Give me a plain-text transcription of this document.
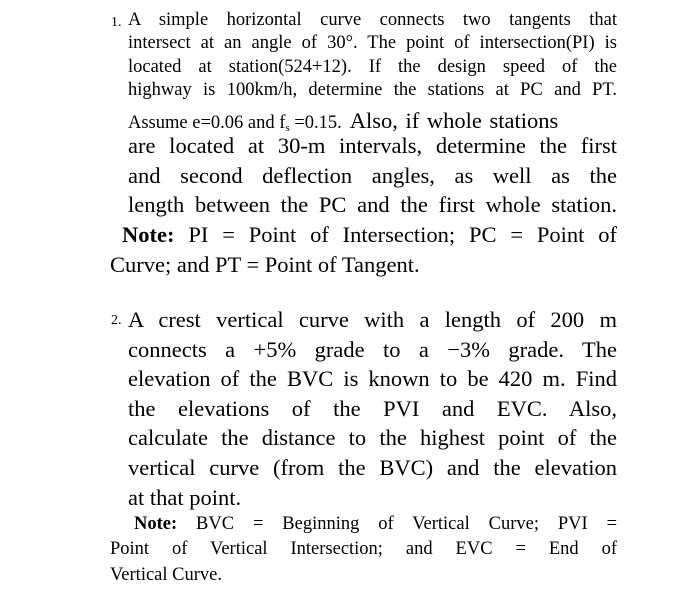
1. A simple horizontal curve connects two tangents that
intersect at an angle of 30°. The point of intersection(PI) is
located at station(524+12). If the design speed of the
highway is 100km/h, determine the stations at PC and PT.
Assume e=0.06 and $f_s =0.15$. Also, if whole stations
are located at 30-m intervals, determine the first
and second deflection angles, as well as the
length between the PC and the first whole station.
Note: PI = Point of Intersection; PC = Point of
Curve; and PT = Point of Tangent.
2. A crest vertical curve with a length of 200 m
connects a +5% grade to a −3% grade. The
elevation of the BVC is known to be 420 m. Find
the elevations of the PVI and EVC. Also,
calculate the distance to the highest point of the
vertical curve (from the BVC) and the elevation
at that point.
Note: BVC = Beginning of Vertical Curve; PVI =
Point of Vertical Intersection; and EVC = End of
Vertical Curve.
